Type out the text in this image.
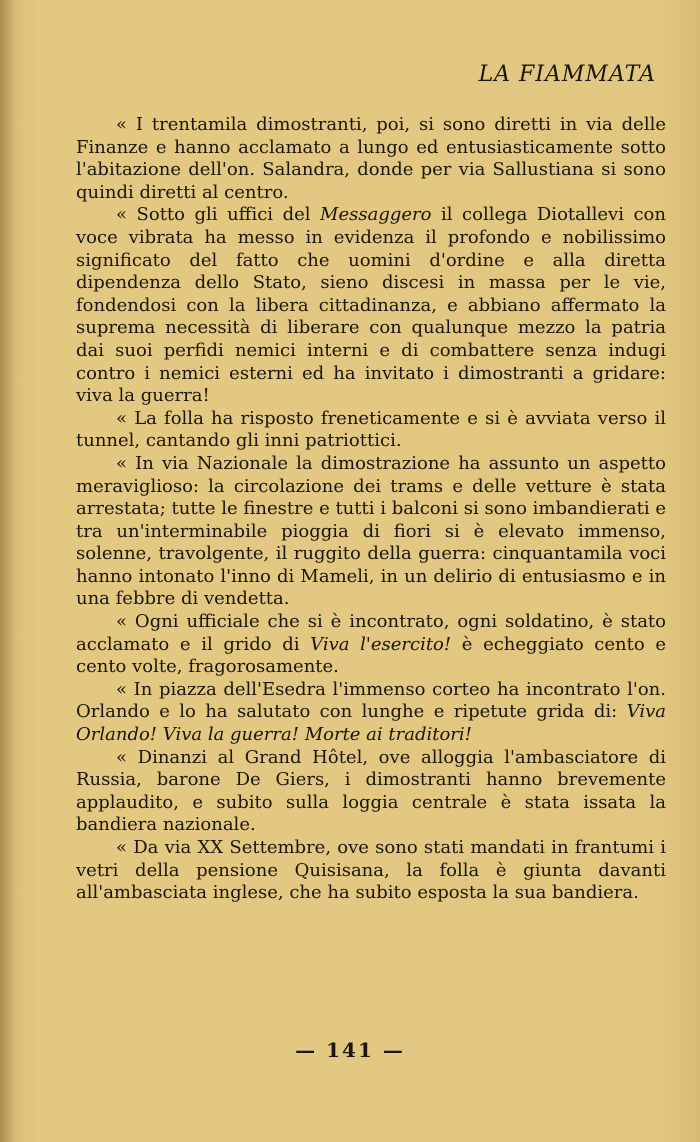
LA FIAMMATA

« I trentamila dimostranti, poi, si sono diretti in via delle Finanze e hanno acclamato a lungo ed entusiasticamente sotto l'abitazione dell'on. Salandra, donde per via Sallustiana si sono quindi diretti al centro.

« Sotto gli uffici del Messaggero il collega Diotallevi con voce vibrata ha messo in evidenza il profondo e nobilissimo significato del fatto che uomini d'ordine e alla diretta dipendenza dello Stato, sieno discesi in massa per le vie, fondendosi con la libera cittadinanza, e abbiano affermato la suprema necessità di liberare con qualunque mezzo la patria dai suoi perfidi nemici interni e di combattere senza indugi contro i nemici esterni ed ha invitato i dimostranti a gridare: viva la guerra!

« La folla ha risposto freneticamente e si è avviata verso il tunnel, cantando gli inni patriottici.

« In via Nazionale la dimostrazione ha assunto un aspetto meraviglioso: la circolazione dei trams e delle vetture è stata arrestata; tutte le finestre e tutti i balconi si sono imbandierati e tra un'interminabile pioggia di fiori si è elevato immenso, solenne, travolgente, il ruggito della guerra: cinquantamila voci hanno intonato l'inno di Mameli, in un delirio di entusiasmo e in una febbre di vendetta.

« Ogni ufficiale che si è incontrato, ogni soldatino, è stato acclamato e il grido di Viva l'esercito! è echeggiato cento e cento volte, fragorosamente.

« In piazza dell'Esedra l'immenso corteo ha incontrato l'on. Orlando e lo ha salutato con lunghe e ripetute grida di: Viva Orlando! Viva la guerra! Morte ai traditori!

« Dinanzi al Grand Hôtel, ove alloggia l'ambasciatore di Russia, barone De Giers, i dimostranti hanno brevemente applaudito, e subito sulla loggia centrale è stata issata la bandiera nazionale.

« Da via XX Settembre, ove sono stati mandati in frantumi i vetri della pensione Quisisana, la folla è giunta davanti all'ambasciata inglese, che ha subito esposta la sua bandiera.

— 141 —
